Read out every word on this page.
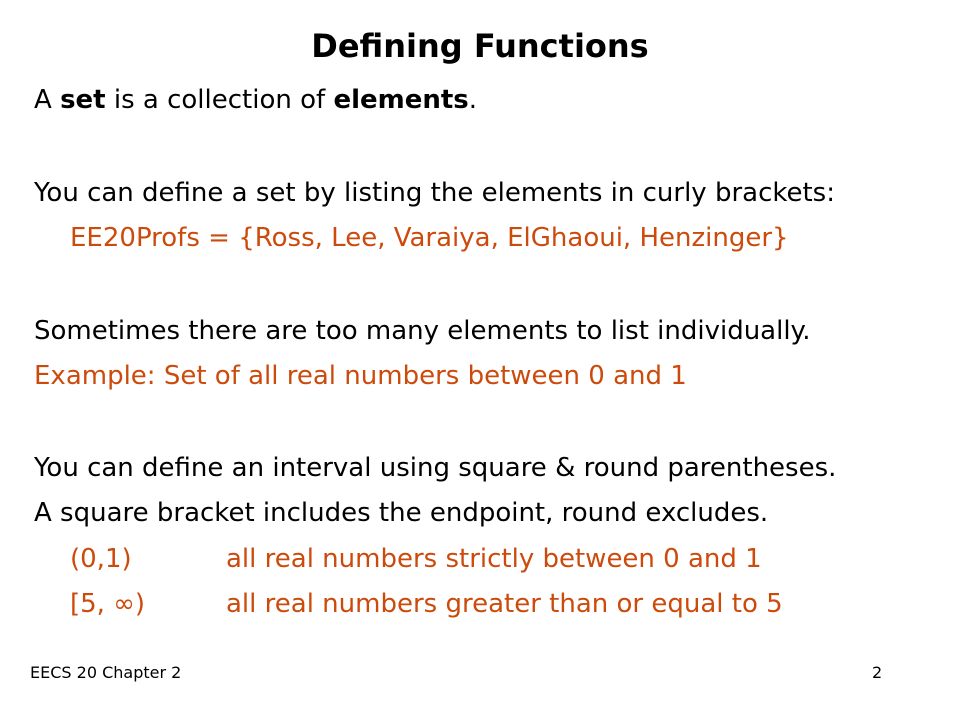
Defining Functions
A set is a collection of elements.
You can define a set by listing the elements in curly brackets:
EE20Profs = {Ross, Lee, Varaiya, ElGhaoui, Henzinger}
Sometimes there are too many elements to list individually.
Example: Set of all real numbers between 0 and 1
You can define an interval using square & round parentheses.
A square bracket includes the endpoint, round excludes.
(0,1)	all real numbers strictly between 0 and 1
[5, ∞)	all real numbers greater than or equal to 5
EECS 20 Chapter 2	2
